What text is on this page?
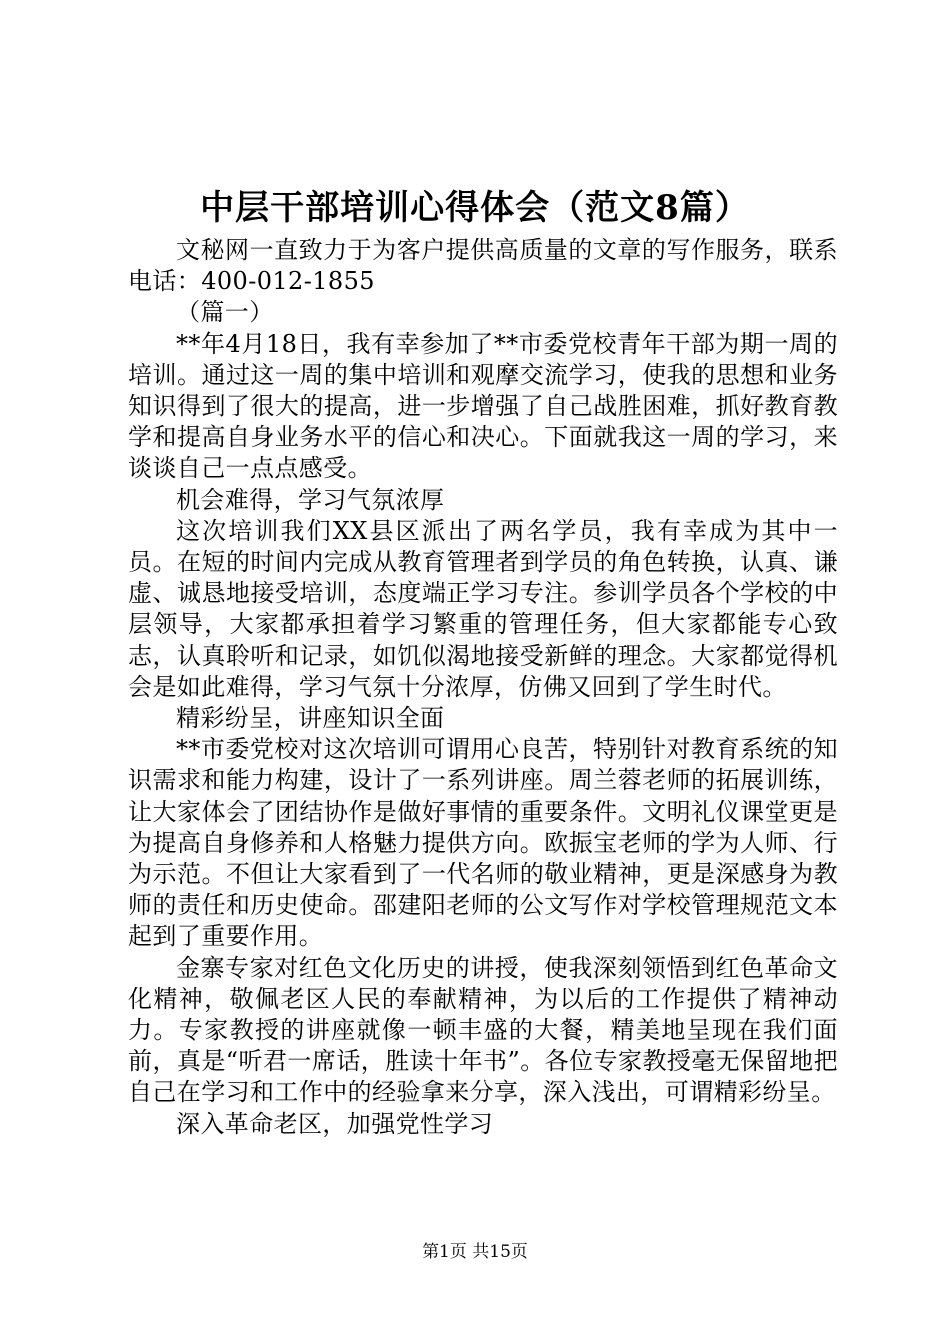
中层干部培训心得体会（范文8篇）

文秘网一直致力于为客户提供高质量的文章的写作服务，联系电话：400-012-1855

（篇一）

**年4月18日，我有幸参加了**市委党校青年干部为期一周的培训。通过这一周的集中培训和观摩交流学习，使我的思想和业务知识得到了很大的提高，进一步增强了自己战胜困难，抓好教育教学和提高自身业务水平的信心和决心。下面就我这一周的学习，来谈谈自己一点点感受。

机会难得，学习气氛浓厚

这次培训我们XX县区派出了两名学员，我有幸成为其中一员。在短的时间内完成从教育管理者到学员的角色转换，认真、谦虚、诚恳地接受培训，态度端正学习专注。参训学员各个学校的中层领导，大家都承担着学习繁重的管理任务，但大家都能专心致志，认真聆听和记录，如饥似渴地接受新鲜的理念。大家都觉得机会是如此难得，学习气氛十分浓厚，仿佛又回到了学生时代。

精彩纷呈，讲座知识全面

**市委党校对这次培训可谓用心良苦，特别针对教育系统的知识需求和能力构建，设计了一系列讲座。周兰蓉老师的拓展训练，让大家体会了团结协作是做好事情的重要条件。文明礼仪课堂更是为提高自身修养和人格魅力提供方向。欧振宝老师的学为人师、行为示范。不但让大家看到了一代名师的敬业精神，更是深感身为教师的责任和历史使命。邵建阳老师的公文写作对学校管理规范文本起到了重要作用。

金寨专家对红色文化历史的讲授，使我深刻领悟到红色革命文化精神，敬佩老区人民的奉献精神，为以后的工作提供了精神动力。专家教授的讲座就像一顿丰盛的大餐，精美地呈现在我们面前，真是“听君一席话，胜读十年书”。各位专家教授毫无保留地把自己在学习和工作中的经验拿来分享，深入浅出，可谓精彩纷呈。

深入革命老区，加强党性学习

第1页 共15页
